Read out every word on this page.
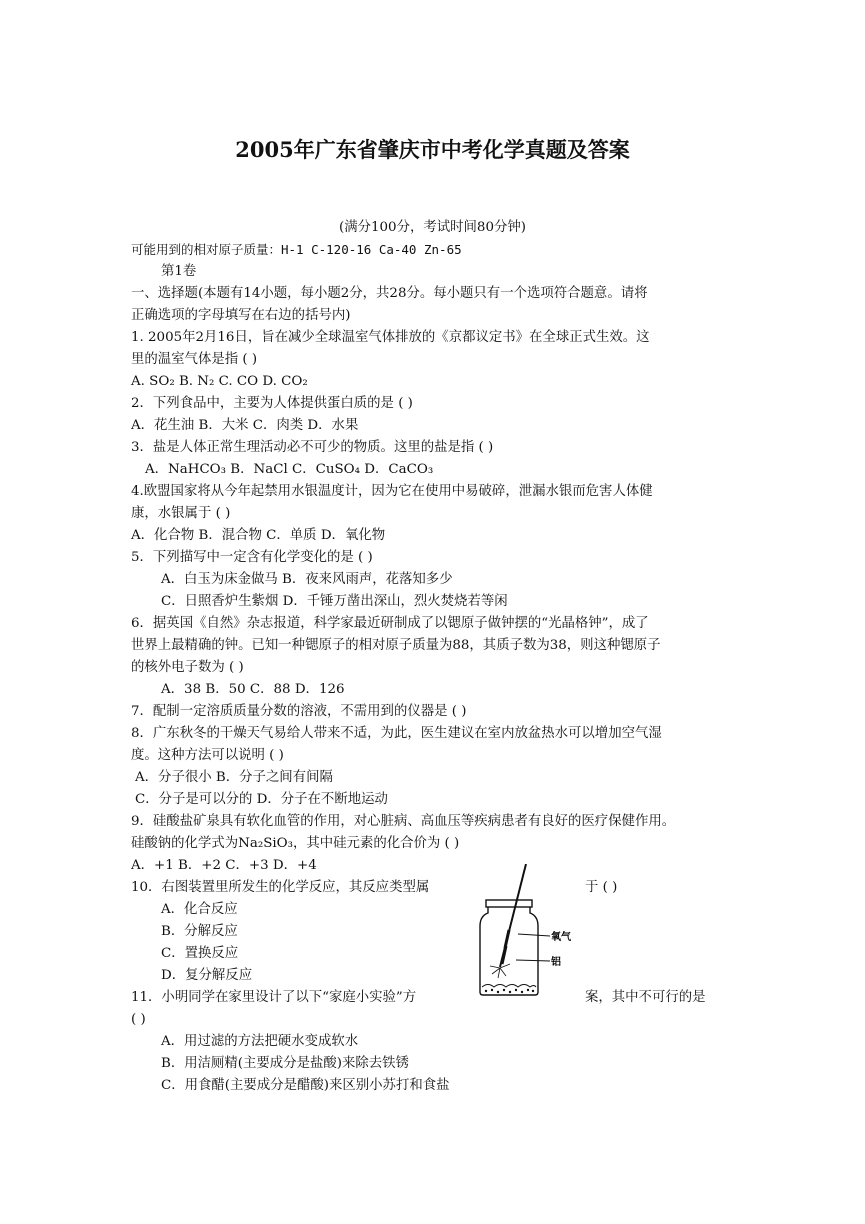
2005年广东省肇庆市中考化学真题及答案
(满分100分，考试时间80分钟)
可能用到的相对原子质量：H-1 C-120-16 Ca-40 Zn-65
第1卷
一、选择题(本题有14小题，每小题2分，共28分。每小题只有一个选项符合题意。请将
正确选项的字母填写在右边的括号内)
1. 2005年2月16日，旨在减少全球温室气体排放的《京都议定书》在全球正式生效。这
里的温室气体是指 ( )
A. SO₂ B. N₂ C. CO D. CO₂
2．下列食品中，主要为人体提供蛋白质的是 ( )
A．花生油 B．大米 C．肉类 D．水果
3．盐是人体正常生理活动必不可少的物质。这里的盐是指 ( )
A．NaHCO₃ B．NaCl C．CuSO₄ D．CaCO₃
4.欧盟国家将从今年起禁用水银温度计，因为它在使用中易破碎，泄漏水银而危害人体健
康，水银属于 ( )
A．化合物 B．混合物 C．单质 D．氧化物
5．下列描写中一定含有化学变化的是 ( )
A．白玉为床金做马 B．夜来风雨声，花落知多少
C．日照香炉生紫烟 D．千锤万凿出深山，烈火焚烧若等闲
6．据英国《自然》杂志报道，科学家最近研制成了以锶原子做钟摆的“光晶格钟”，成了
世界上最精确的钟。已知一种锶原子的相对原子质量为88，其质子数为38，则这种锶原子
的核外电子数为 ( )
A．38 B．50 C．88 D．126
7．配制一定溶质质量分数的溶液，不需用到的仪器是 ( )
8．广东秋冬的干燥天气易给人带来不适，为此，医生建议在室内放盆热水可以增加空气湿
度。这种方法可以说明 ( )
A．分子很小 B．分子之间有间隔
C．分子是可以分的 D．分子在不断地运动
9．硅酸盐矿泉具有软化血管的作用，对心脏病、高血压等疾病患者有良好的医疗保健作用。
硅酸钠的化学式为Na₂SiO₃，其中硅元素的化合价为 ( )
A．+1 B．+2 C．+3 D．+4
10．右图装置里所发生的化学反应，其反应类型属	于 ( )
A．化合反应
B．分解反应
C．置换反应
D．复分解反应
氧气
铝
11．小明同学在家里设计了以下“家庭小实验”方	案，其中不可行的是
( )
A．用过滤的方法把硬水变成软水
B．用洁厕精(主要成分是盐酸)来除去铁锈
C．用食醋(主要成分是醋酸)来区别小苏打和食盐
